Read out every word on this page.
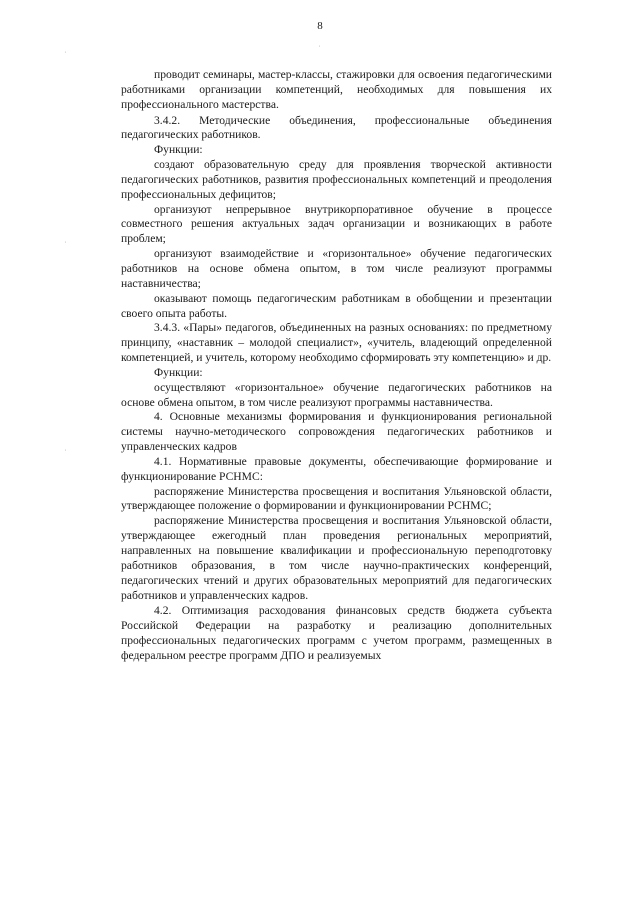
8
˙
˙
˙
˙

проводит семинары, мастер-классы, стажировки для освоения педагогическими работниками организации компетенций, необходимых для повышения их профессионального мастерства.

3.4.2. Методические объединения, профессиональные объединения педагогических работников.

Функции:

создают образовательную среду для проявления творческой активности педагогических работников, развития профессиональных компетенций и преодоления профессиональных дефицитов;

организуют непрерывное внутрикорпоративное обучение в процессе совместного решения актуальных задач организации и возникающих в работе проблем;

организуют взаимодействие и «горизонтальное» обучение педагогических работников на основе обмена опытом, в том числе реализуют программы наставничества;

оказывают помощь педагогическим работникам в обобщении и презентации своего опыта работы.

3.4.3. «Пары» педагогов, объединенных на разных основаниях: по предметному принципу, «наставник – молодой специалист», «учитель, владеющий определенной компетенцией, и учитель, которому необходимо сформировать эту компетенцию» и др.

Функции:

осуществляют «горизонтальное» обучение педагогических работников на основе обмена опытом, в том числе реализуют программы наставничества.

4. Основные механизмы формирования и функционирования региональной системы научно-методического сопровождения педагогических работников и управленческих кадров

4.1. Нормативные правовые документы, обеспечивающие формирование и функционирование РСНМС:

распоряжение Министерства просвещения и воспитания Ульяновской области, утверждающее положение о формировании и функционировании РСНМС;

распоряжение Министерства просвещения и воспитания Ульяновской области, утверждающее ежегодный план проведения региональных мероприятий, направленных на повышение квалификации и профессиональную переподготовку работников образования, в том числе научно-практических конференций, педагогических чтений и других образовательных мероприятий для педагогических работников и управленческих кадров.

4.2. Оптимизация расходования финансовых средств бюджета субъекта Российской Федерации на разработку и реализацию дополнительных профессиональных педагогических программ с учетом программ, размещенных в федеральном реестре программ ДПО и реализуемых
